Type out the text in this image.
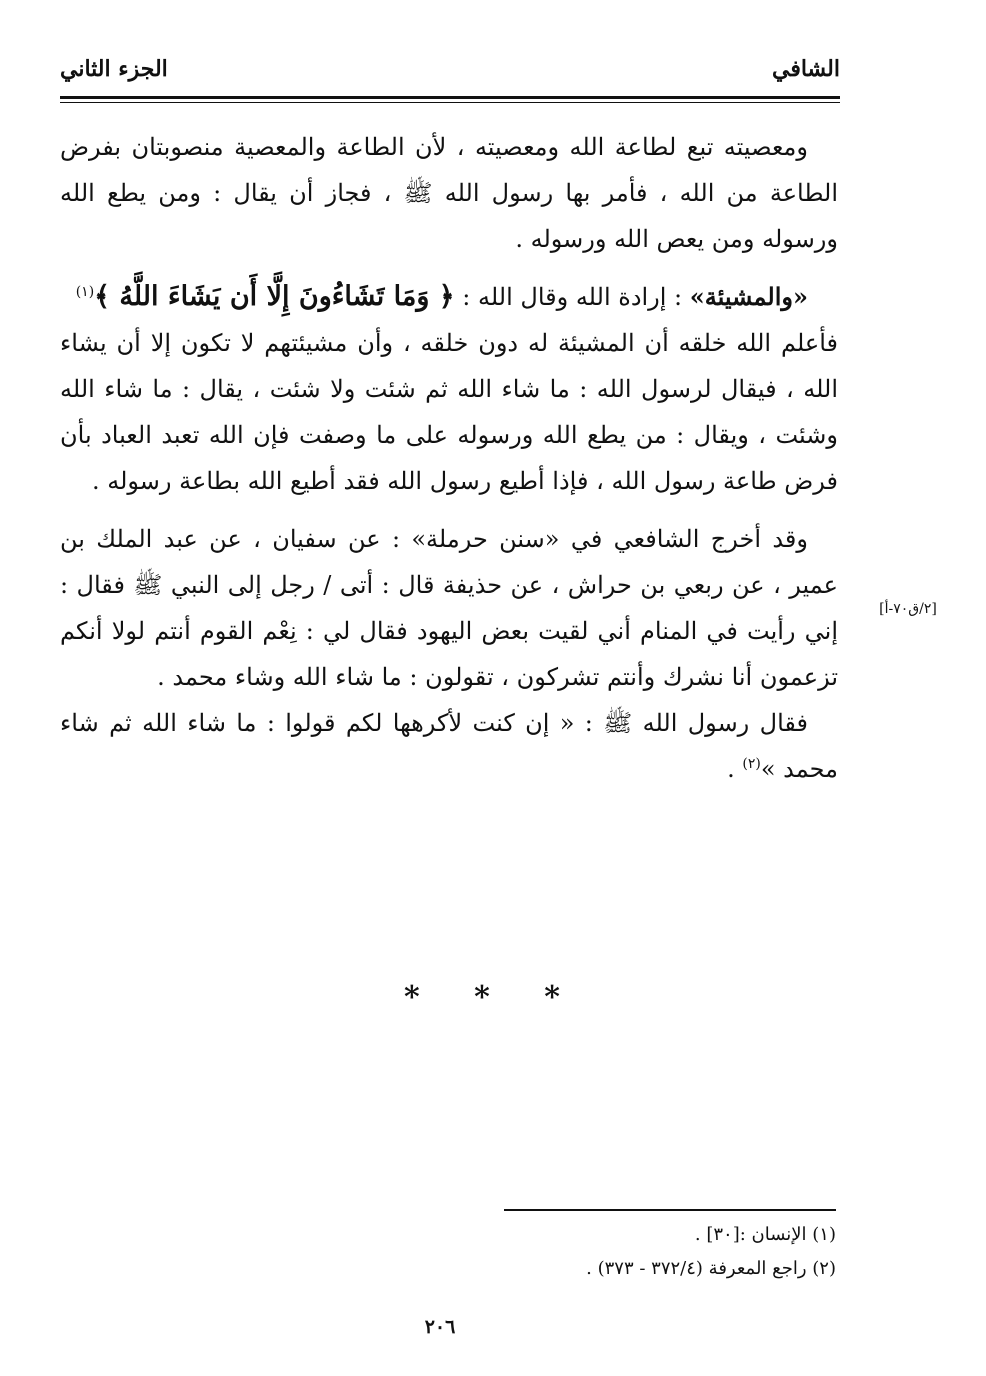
الشافي
الجزء الثاني

ومعصيته تبع لطاعة الله ومعصيته ، لأن الطاعة والمعصية منصوبتان بفرض الطاعة من الله ، فأمر بها رسول الله ﷺ ، فجاز أن يقال : ومن يطع الله ورسوله ومن يعص الله ورسوله .

«والمشيئة» : إرادة الله وقال الله : ﴿ وَمَا تَشَاءُونَ إِلَّا أَن يَشَاءَ اللَّهُ ﴾$^{(١)}$

فأعلم الله خلقه أن المشيئة له دون خلقه ، وأن مشيئتهم لا تكون إلا أن يشاء الله ، فيقال لرسول الله : ما شاء الله ثم شئت ولا شئت ، يقال : ما شاء الله وشئت ، ويقال : من يطع الله ورسوله على ما وصفت فإن الله تعبد العباد بأن فرض طاعة رسول الله ، فإذا أطيع رسول الله فقد أطيع الله بطاعة رسوله .

وقد أخرج الشافعي في «سنن حرملة» : عن سفيان ، عن عبد الملك بن عمير ، عن ربعي بن حراش ، عن حذيفة قال : أتى / رجل إلى النبي ﷺ فقال : إني رأيت في المنام أني لقيت بعض اليهود فقال لي : نِعْم القوم أنتم لولا أنكم تزعمون أنا نشرك وأنتم تشركون ، تقولون : ما شاء الله وشاء محمد .

فقال رسول الله ﷺ : « إن كنت لأكرهها لكم قولوا : ما شاء الله ثم شاء محمد »$^{(٢)}$ .

[٢/ق٧٠-أ]
* * *
(١) الإنسان :[٣٠] .
(٢) راجع المعرفة (٣٧٢/٤ - ٣٧٣) .
٢٠٦
